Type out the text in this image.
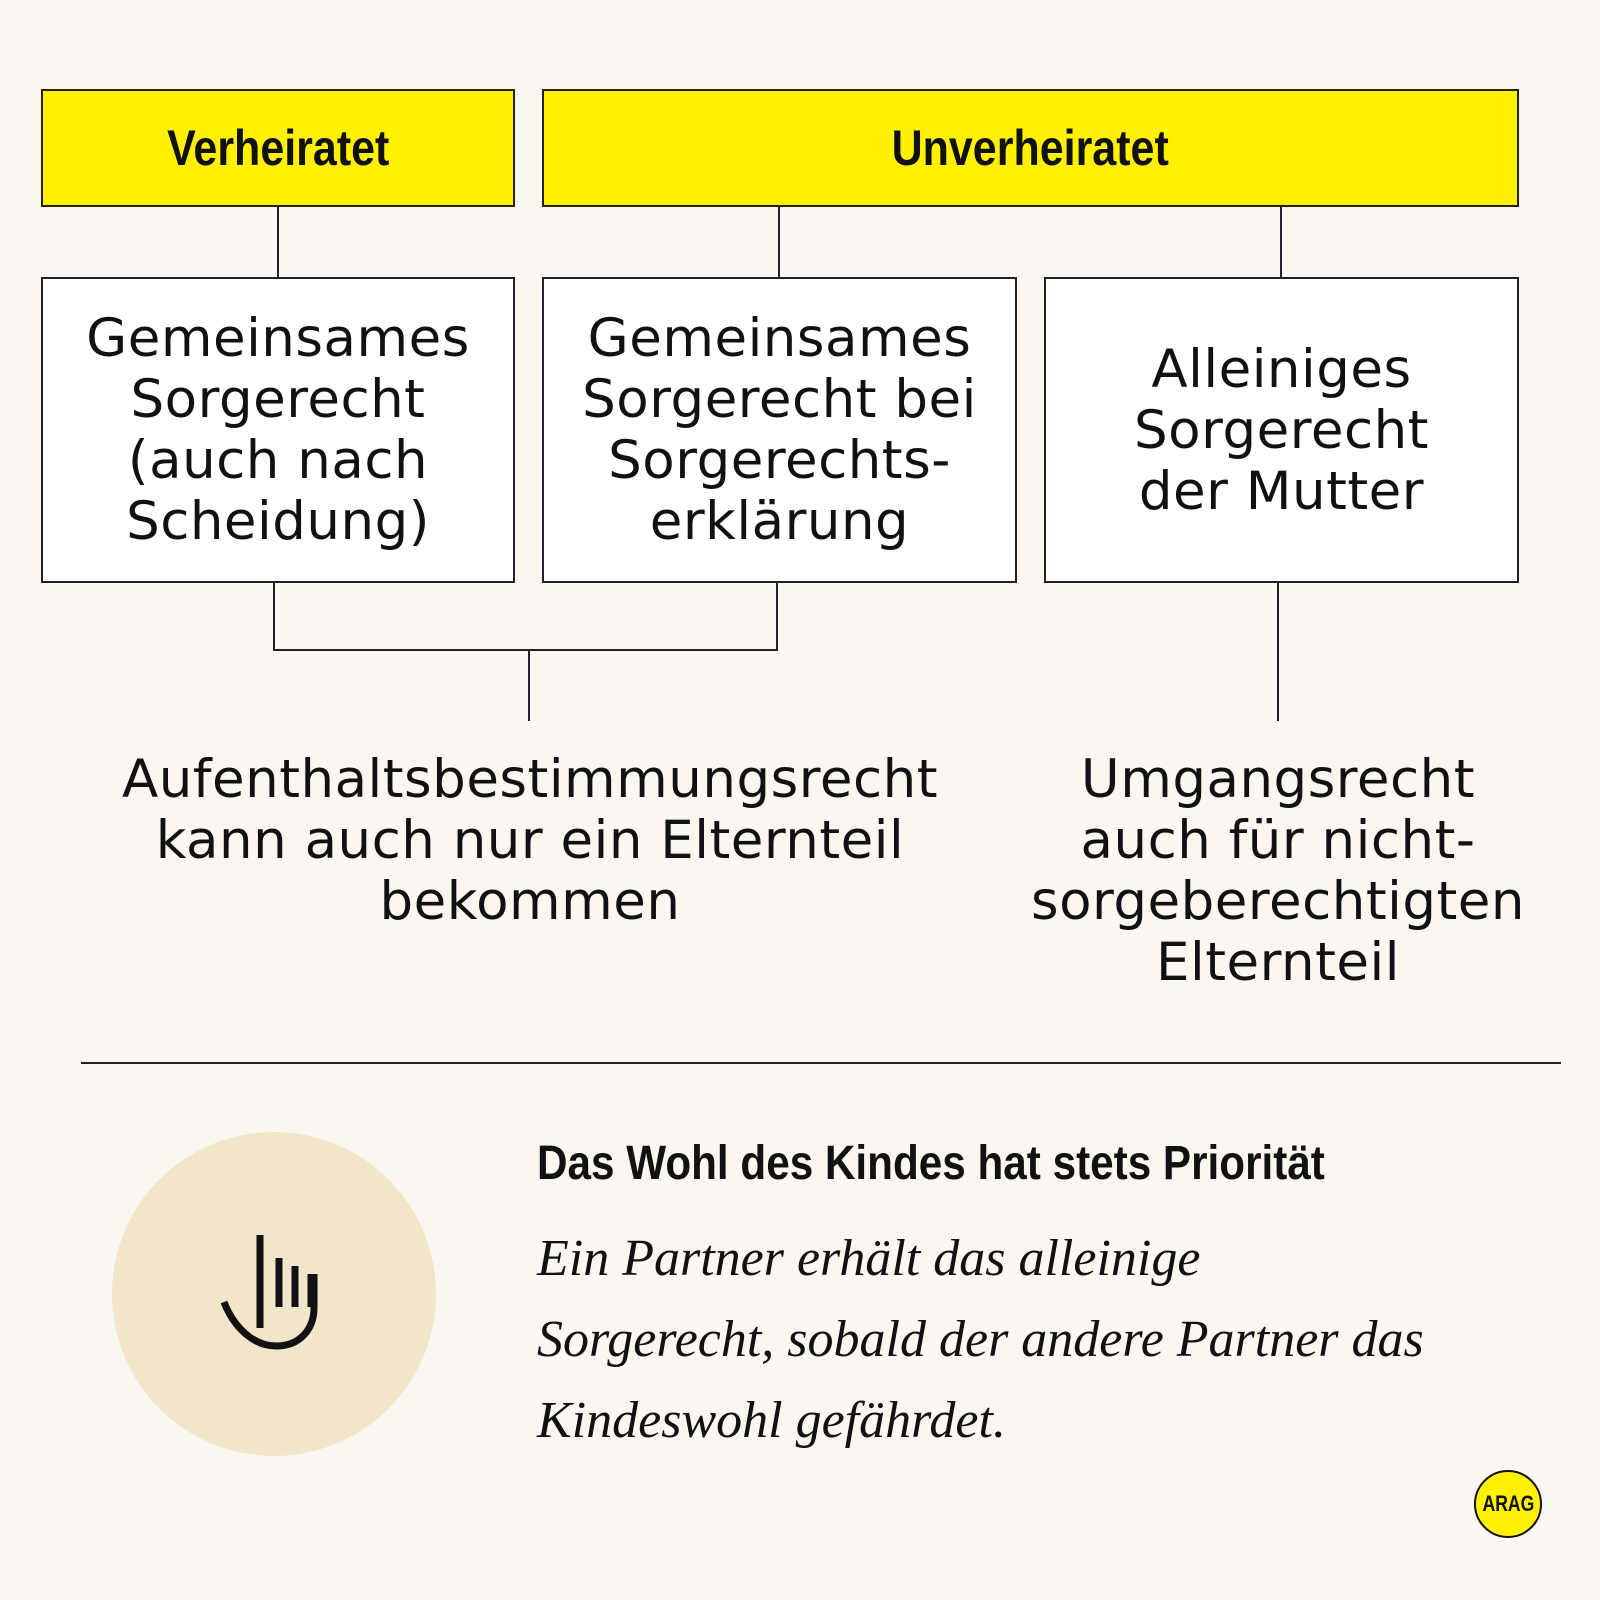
Verheiratet	Unverheiratet
Gemeinsames
Sorgerecht
(auch nach
Scheidung)
Gemeinsames
Sorgerecht bei
Sorgerechts-
erklärung
Alleiniges
Sorgerecht
der Mutter
Aufenthaltsbestimmungsrecht
kann auch nur ein Elternteil
bekommen
Umgangsrecht
auch für nicht-
sorgeberechtigten
Elternteil
Das Wohl des Kindes hat stets Priorität
Ein Partner erhält das alleinige
Sorgerecht, sobald der andere Partner das
Kindeswohl gefährdet.
ARAG
